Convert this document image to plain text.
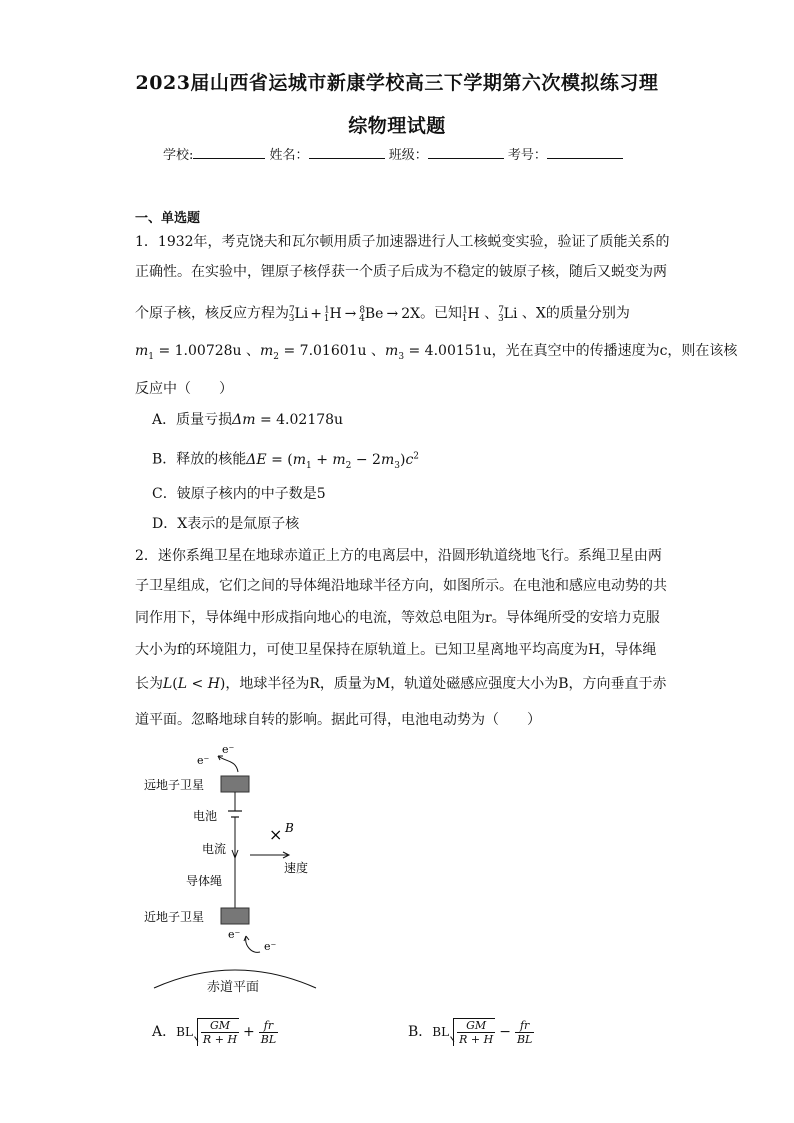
2023届山西省运城市新康学校高三下学期第六次模拟练习理
综物理试题
学校:	姓名：	班级：	考号：
一、单选题
1．1932年，考克饶夫和瓦尔顿用质子加速器进行人工核蜕变实验，验证了质能关系的
正确性。在实验中，锂原子核俘获一个质子后成为不稳定的铍原子核，随后又蜕变为两
个原子核，核反应方程为$^7_3$Li + $^1_1$H → $^8_4$Be → 2X。已知$^1_1$H 、$^7_3$Li 、X的质量分别为
$m_1 = 1.00728u$ 、$m_2 = 7.01601u$ 、$m_3 = 4.00151u$，光在真空中的传播速度为c，则在该核
反应中（　　）
A．质量亏损Δm = 4.02178u
B．释放的核能$\Delta E = (m_1 + m_2 - 2m_3)c^2$
C．铍原子核内的中子数是5
D．X表示的是氚原子核
2．迷你系绳卫星在地球赤道正上方的电离层中，沿圆形轨道绕地飞行。系绳卫星由两
子卫星组成，它们之间的导体绳沿地球半径方向，如图所示。在电池和感应电动势的共
同作用下，导体绳中形成指向地心的电流，等效总电阻为r。导体绳所受的安培力克服
大小为f的环境阻力，可使卫星保持在原轨道上。已知卫星离地平均高度为H，导体绳
长为L(L < H)，地球半径为R，质量为M，轨道处磁感应强度大小为B，方向垂直于赤
道平面。忽略地球自转的影响。据此可得，电池电动势为（　　）
远地子卫星
e⁻
e⁻
电池
电流
导体绳
× B
速度
近地子卫星
e⁻
e⁻
赤道平面
A．BL $\frac{GM}{R + H} + \frac{fr}{BL}$	B．BL $\frac{GM}{R + H} - \frac{fr}{BL}$
